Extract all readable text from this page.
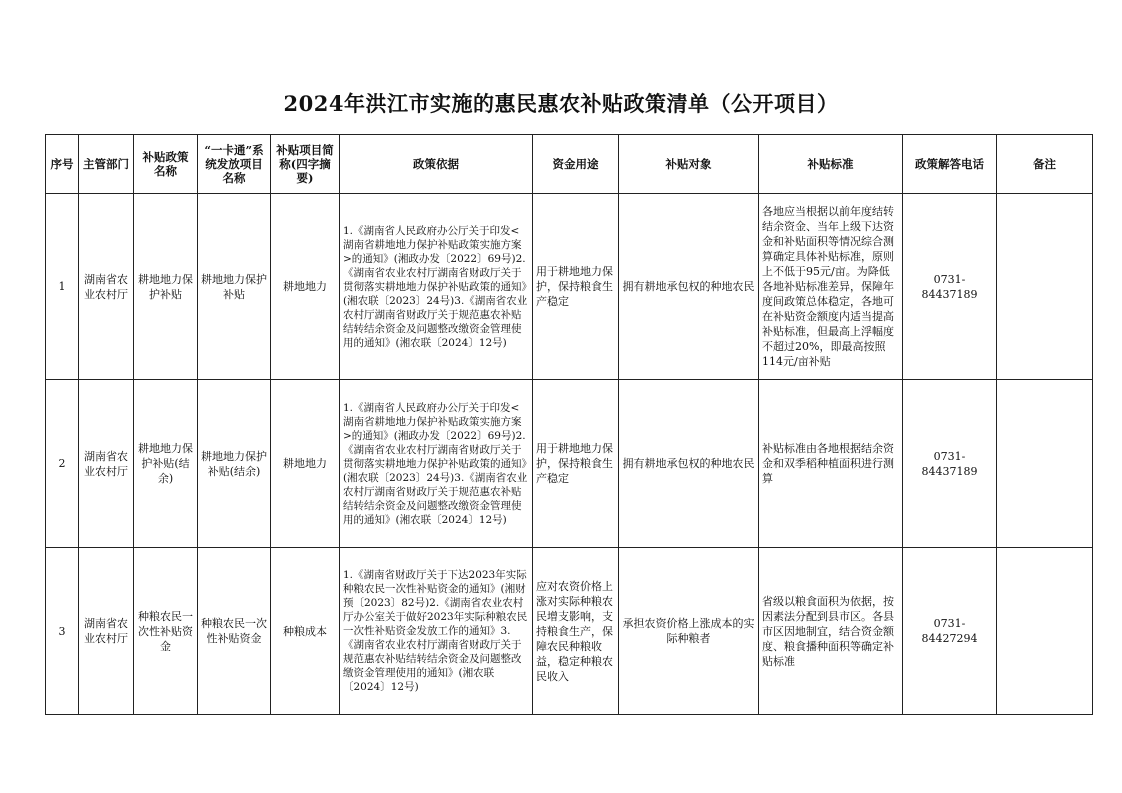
2024年洪江市实施的惠民惠农补贴政策清单（公开项目）
序号	主管部门	补贴政策名称	“一卡通”系统发放项目名称	补贴项目简称(四字摘要)	政策依据	资金用途	补贴对象	补贴标准	政策解答电话	备注
1	湖南省农业农村厅	耕地地力保护补贴	耕地地力保护补贴	耕地地力	1.《湖南省人民政府办公厅关于印发<湖南省耕地地力保护补贴政策实施方案>的通知》(湘政办发〔2022〕69号)2.《湖南省农业农村厅湖南省财政厅关于贯彻落实耕地地力保护补贴政策的通知》(湘农联〔2023〕24号)3.《湖南省农业农村厅湖南省财政厅关于规范惠农补贴结转结余资金及问题整改缴资金管理使用的通知》(湘农联〔2024〕12号)	用于耕地地力保护，保持粮食生产稳定	拥有耕地承包权的种地农民	各地应当根据以前年度结转结余资金、当年上级下达资金和补贴面积等情况综合测算确定具体补贴标准，原则上不低于95元/亩。为降低各地补贴标准差异，保障年度间政策总体稳定，各地可在补贴资金额度内适当提高补贴标准，但最高上浮幅度不超过20%，即最高按照114元/亩补贴	0731-84437189	
2	湖南省农业农村厅	耕地地力保护补贴(结余)	耕地地力保护补贴(结余)	耕地地力	1.《湖南省人民政府办公厅关于印发<湖南省耕地地力保护补贴政策实施方案>的通知》(湘政办发〔2022〕69号)2.《湖南省农业农村厅湖南省财政厅关于贯彻落实耕地地力保护补贴政策的通知》(湘农联〔2023〕24号)3.《湖南省农业农村厅湖南省财政厅关于规范惠农补贴结转结余资金及问题整改缴资金管理使用的通知》(湘农联〔2024〕12号)	用于耕地地力保护，保持粮食生产稳定	拥有耕地承包权的种地农民	补贴标准由各地根据结余资金和双季稻种植面积进行测算	0731-84437189	
3	湖南省农业农村厅	种粮农民一次性补贴资金	种粮农民一次性补贴资金	种粮成本	1.《湖南省财政厅关于下达2023年实际种粮农民一次性补贴资金的通知》(湘财预〔2023〕82号)2.《湖南省农业农村厅办公室关于做好2023年实际种粮农民一次性补贴资金发放工作的通知》3.《湖南省农业农村厅湖南省财政厅关于规范惠农补贴结转结余资金及问题整改缴资金管理使用的通知》(湘农联〔2024〕12号)	应对农资价格上涨对实际种粮农民增支影响，支持粮食生产，保障农民种粮收益，稳定种粮农民收入	承担农资价格上涨成本的实际种粮者	省级以粮食面积为依据，按因素法分配到县市区。各县市区因地制宜，结合资金额度、粮食播种面积等确定补贴标准	0731-84427294	
